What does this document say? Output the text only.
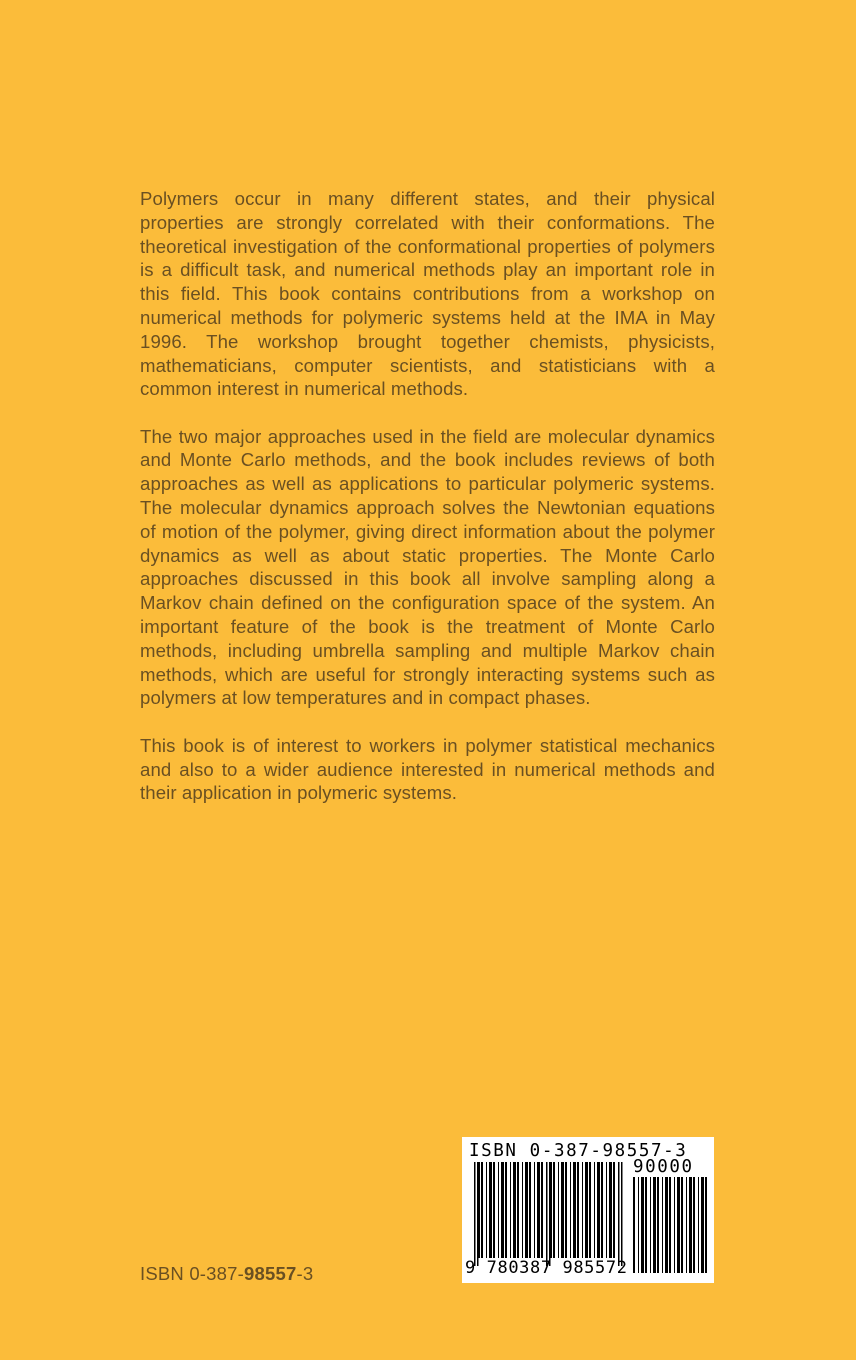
Polymers occur in many different states, and their physical properties are strongly correlated with their conformations. The theoretical investigation of the conformational properties of polymers is a difficult task, and numerical methods play an important role in this field. This book contains contributions from a workshop on numerical methods for polymeric systems held at the IMA in May 1996. The workshop brought together chemists, physicists, mathematicians, computer scientists, and statisticians with a common interest in numerical methods.

The two major approaches used in the field are molecular dynamics and Monte Carlo methods, and the book includes reviews of both approaches as well as applications to particular polymeric systems. The molecular dynamics approach solves the Newtonian equations of motion of the polymer, giving direct information about the polymer dynamics as well as about static properties. The Monte Carlo approaches discussed in this book all involve sampling along a Markov chain defined on the configuration space of the system. An important feature of the book is the treatment of Monte Carlo methods, including umbrella sampling and multiple Markov chain methods, which are useful for strongly interacting systems such as polymers at low temperatures and in compact phases.

This book is of interest to workers in polymer statistical mechanics and also to a wider audience interested in numerical methods and their application in polymeric systems.

ISBN 0-387-98557-3
ISBN 0-387-98557-3
90000
9 780387 985572
